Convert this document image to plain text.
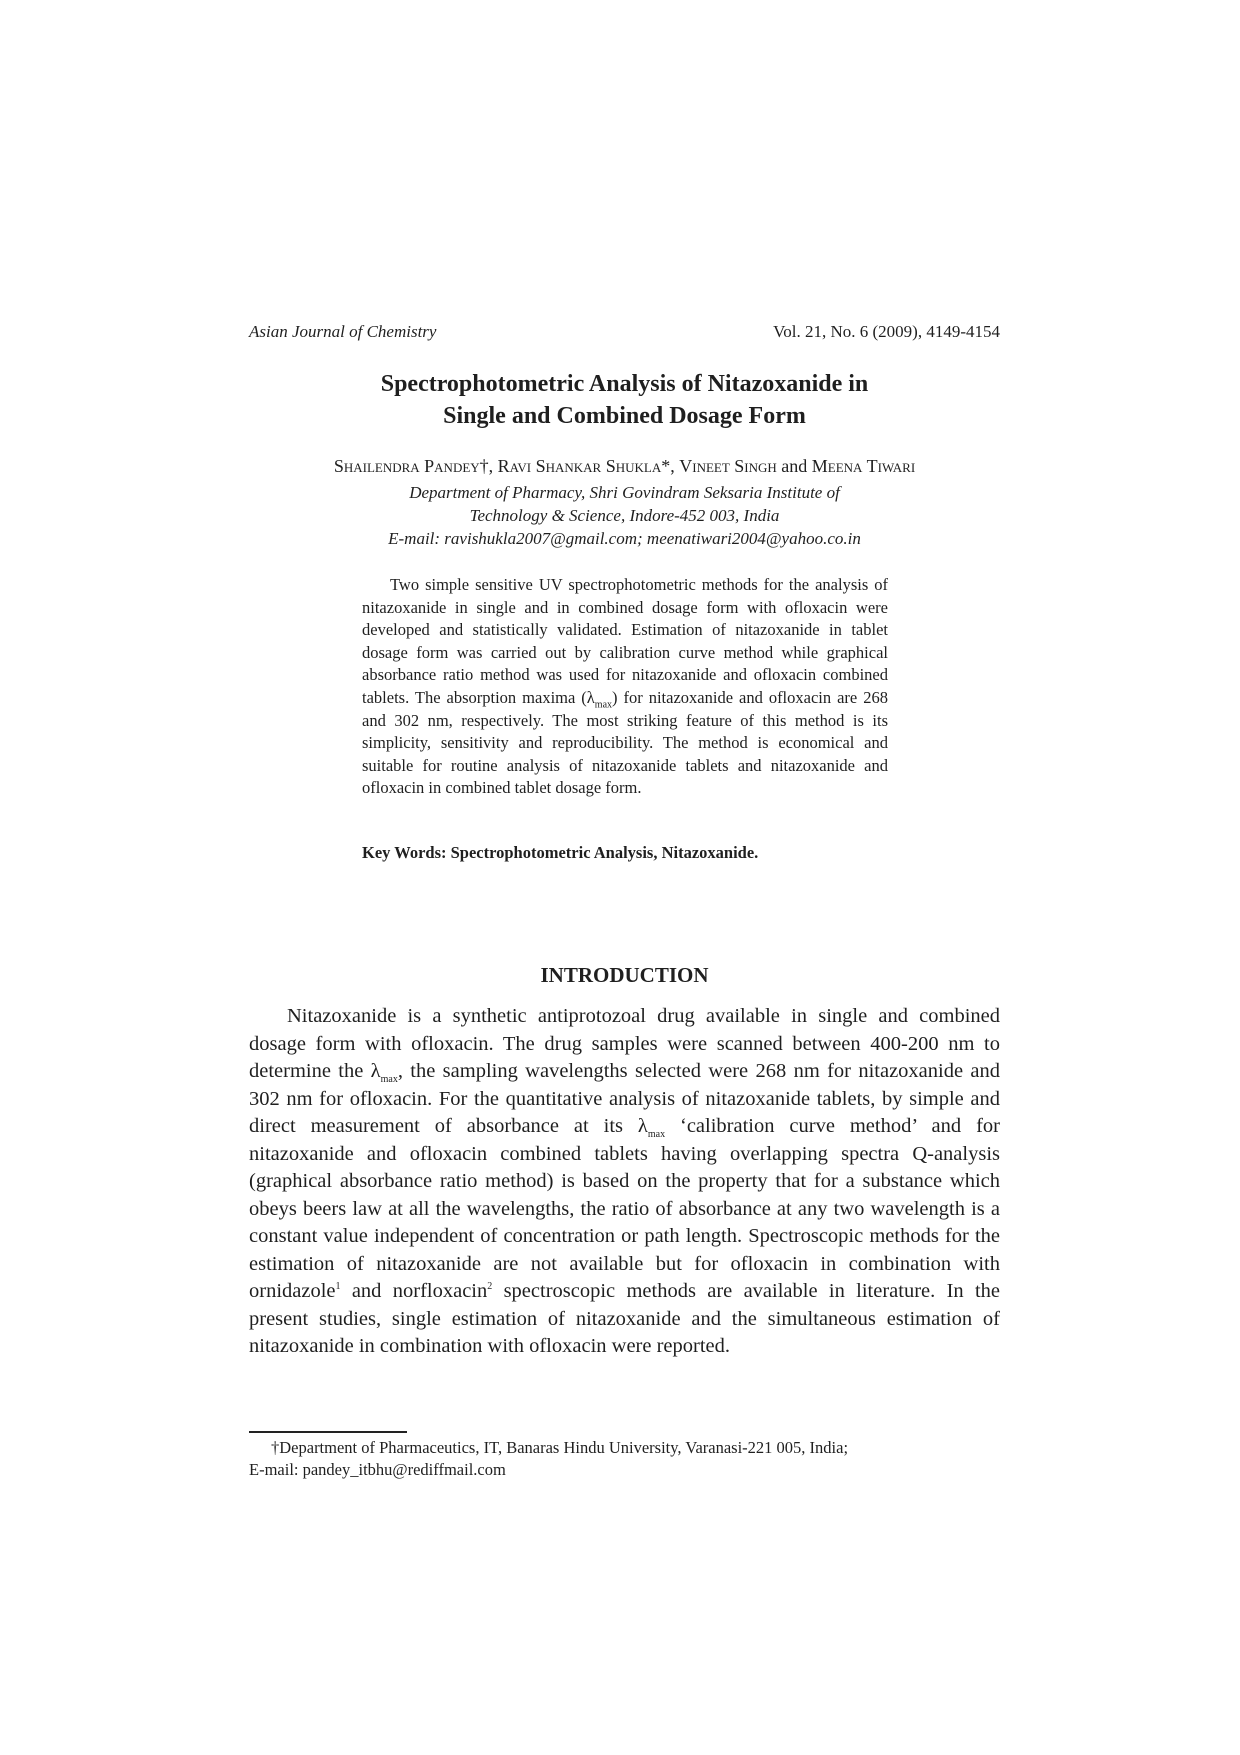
Asian Journal of Chemistry	Vol. 21, No. 6 (2009), 4149-4154
Spectrophotometric Analysis of Nitazoxanide in
Single and Combined Dosage Form
Shailendra Pandey†, Ravi Shankar Shukla*, Vineet Singh and Meena Tiwari
Department of Pharmacy, Shri Govindram Seksaria Institute of
Technology & Science, Indore-452 003, India
E-mail: ravishukla2007@gmail.com; meenatiwari2004@yahoo.co.in

Two simple sensitive UV spectrophotometric methods for the analysis of nitazoxanide in single and in combined dosage form with ofloxacin were developed and statistically validated. Estimation of nitazoxanide in tablet dosage form was carried out by calibration curve method while graphical absorbance ratio method was used for nitazoxanide and ofloxacin combined tablets. The absorption maxima $(\lambda_{max})$ for nitazoxanide and ofloxacin are 268 and 302 nm, respectively. The most striking feature of this method is its simplicity, sensitivity and reproducibility. The method is economical and suitable for routine analysis of nitazoxanide tablets and nitazoxanide and ofloxacin in combined tablet dosage form.

Key Words: Spectrophotometric Analysis, Nitazoxanide.
INTRODUCTION

Nitazoxanide is a synthetic antiprotozoal drug available in single and combined dosage form with ofloxacin. The drug samples were scanned between 400-200 nm to determine the $\lambda_{max}$, the sampling wavelengths selected were 268 nm for nitazoxanide and 302 nm for ofloxacin. For the quantitative analysis of nitazoxanide tablets, by simple and direct measurement of absorbance at its $\lambda_{max}$ ‘calibration curve method’ and for nitazoxanide and ofloxacin combined tablets having overlapping spectra Q-analysis (graphical absorbance ratio method) is based on the property that for a substance which obeys beers law at all the wavelengths, the ratio of absorbance at any two wavelength is a constant value independent of concentration or path length. Spectroscopic methods for the estimation of nitazoxanide are not available but for ofloxacin in combination with ornidazole$^1$ and norfloxacin$^2$ spectroscopic methods are available in literature. In the present studies, single estimation of nitazoxanide and the simultaneous estimation of nitazoxanide in combination with ofloxacin were reported.

†Department of Pharmaceutics, IT, Banaras Hindu University, Varanasi-221 005, India;
E-mail: pandey_itbhu@rediffmail.com
